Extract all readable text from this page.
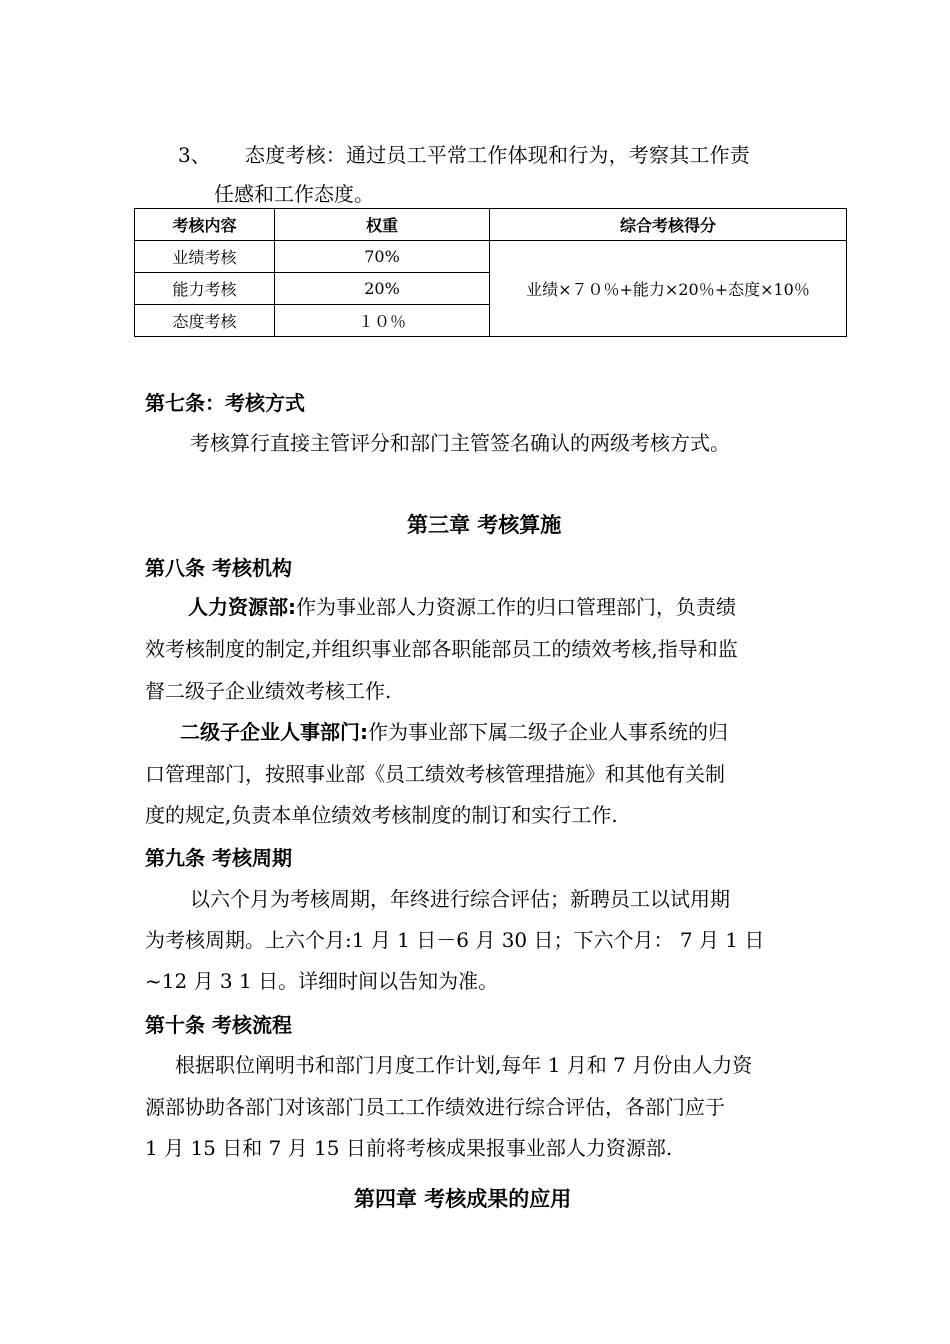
3、 态度考核：通过员工平常工作体现和行为，考察其工作责
任感和工作态度。
考核内容	权重	综合考核得分
业绩考核	70%	业绩×７０％+能力×20％+态度×10％
能力考核	20%	
态度考核	１０％	
第七条：考核方式
考核算行直接主管评分和部门主管签名确认的两级考核方式。
第三章 考核算施
第八条 考核机构
人力资源部:作为事业部人力资源工作的归口管理部门，负责绩
效考核制度的制定,并组织事业部各职能部员工的绩效考核,指导和监
督二级子企业绩效考核工作.
二级子企业人事部门:作为事业部下属二级子企业人事系统的归
口管理部门，按照事业部《员工绩效考核管理措施》和其他有关制
度的规定,负责本单位绩效考核制度的制订和实行工作.
第九条 考核周期
以六个月为考核周期，年终进行综合评估；新聘员工以试用期
为考核周期。上六个月:1 月 1 日－6 月 30 日；下六个月： 7 月 1 日
~12 月 3 1 日。详细时间以告知为准。
第十条 考核流程
根据职位阐明书和部门月度工作计划,每年 1 月和 7 月份由人力资
源部协助各部门对该部门员工工作绩效进行综合评估，各部门应于
1 月 15 日和 7 月 15 日前将考核成果报事业部人力资源部.
第四章 考核成果的应用
